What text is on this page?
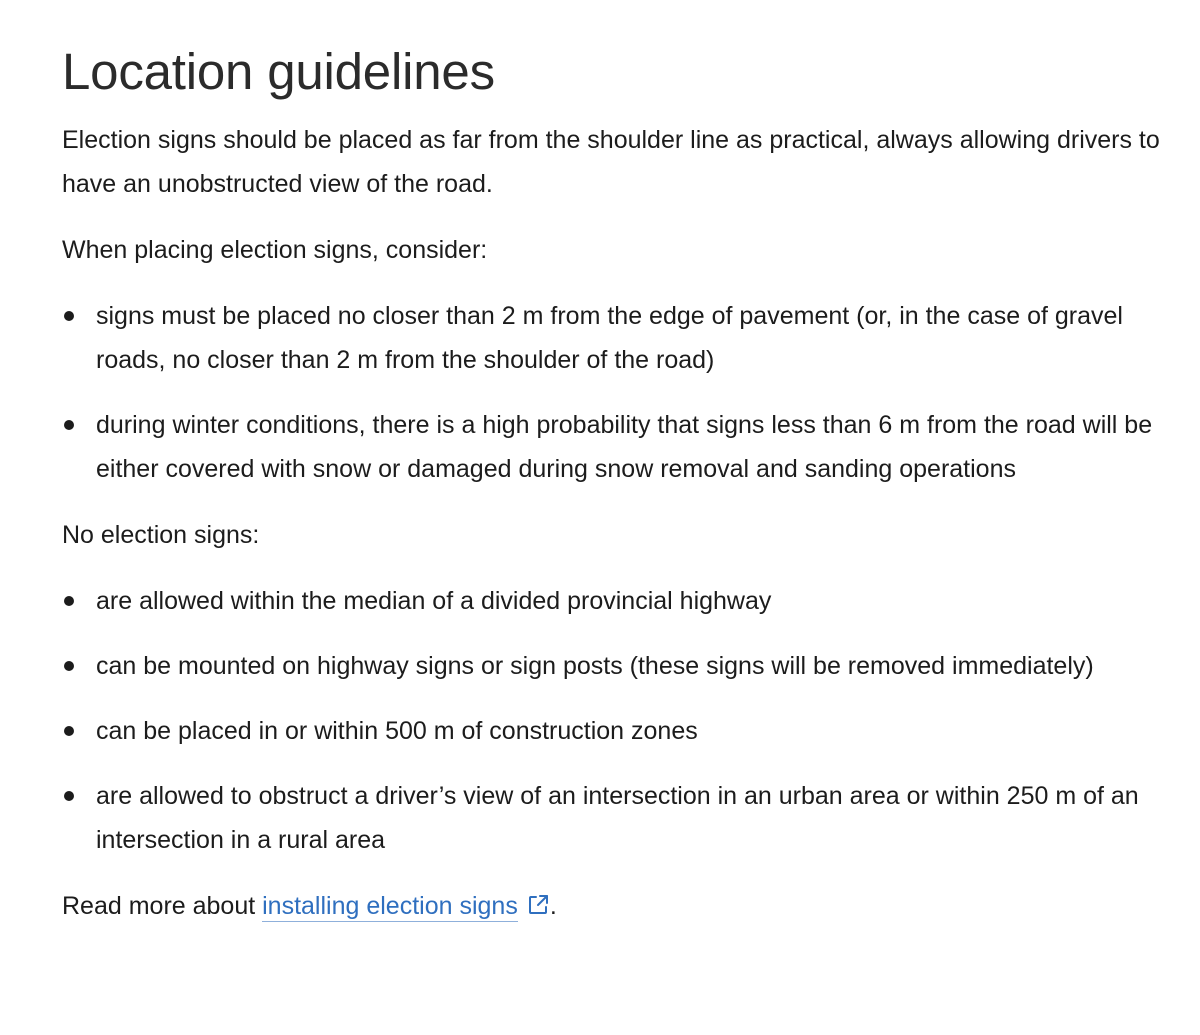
Location guidelines

Election signs should be placed as far from the shoulder line as practical, always allowing drivers to have an unobstructed view of the road.

When placing election signs, consider:

signs must be placed no closer than 2 m from the edge of pavement (or, in the case of gravel roads, no closer than 2 m from the shoulder of the road)
during winter conditions, there is a high probability that signs less than 6 m from the road will be either covered with snow or damaged during snow removal and sanding operations

No election signs:

are allowed within the median of a divided provincial highway
can be mounted on highway signs or sign posts (these signs will be removed immediately)
can be placed in or within 500 m of construction zones
are allowed to obstruct a driver’s view of an intersection in an urban area or within 250 m of an intersection in a rural area

Read more about installing election signs .
